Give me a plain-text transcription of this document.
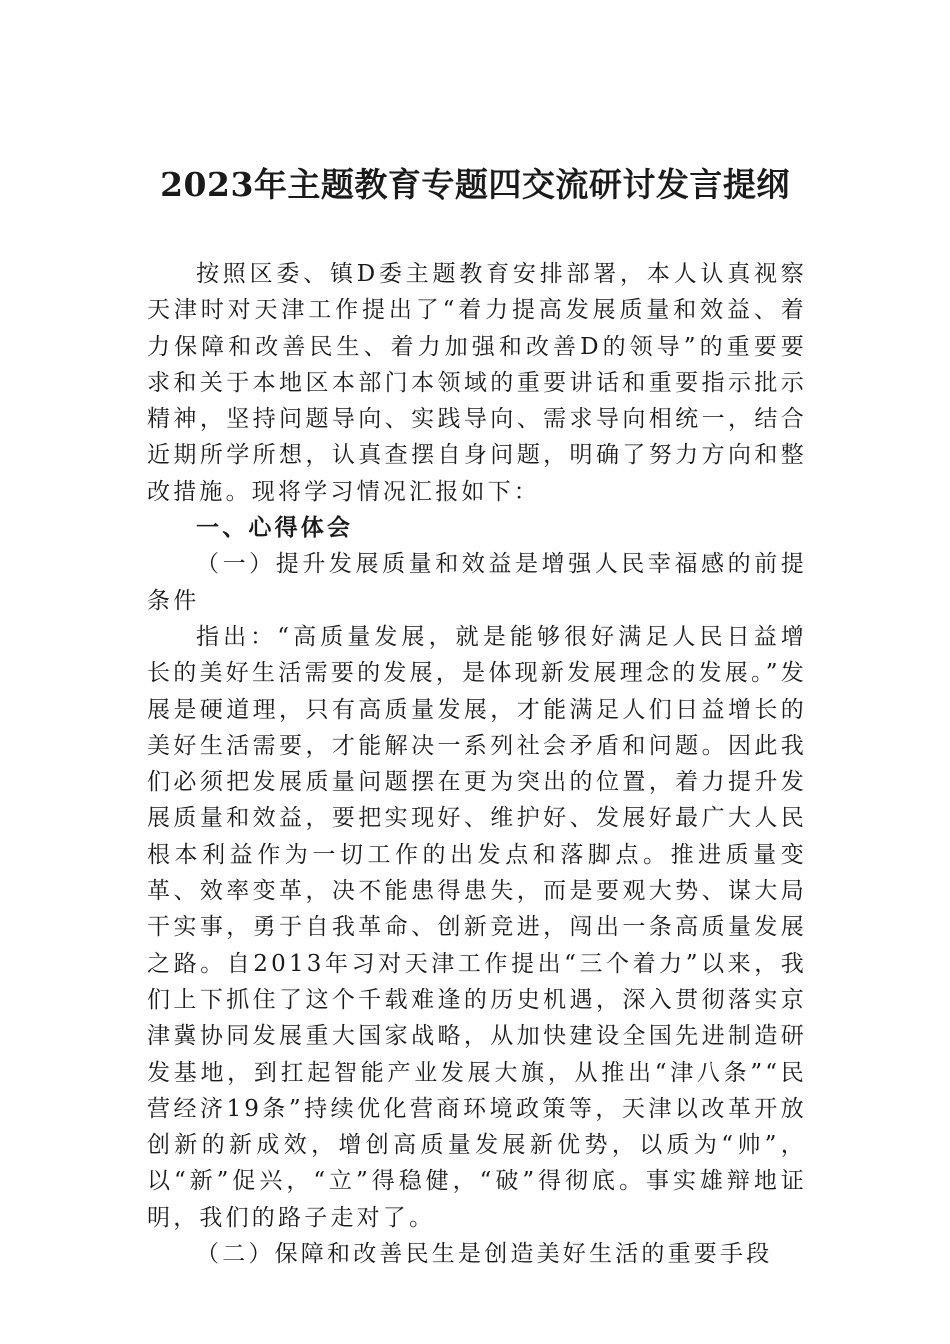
2023年主题教育专题四交流研讨发言提纲

按照区委、镇D委主题教育安排部署，本人认真视察天津时对天津工作提出了“着力提高发展质量和效益、着力保障和改善民生、着力加强和改善D的领导”的重要要求和关于本地区本部门本领域的重要讲话和重要指示批示精神，坚持问题导向、实践导向、需求导向相统一，结合近期所学所想，认真查摆自身问题，明确了努力方向和整改措施。现将学习情况汇报如下：

一、心得体会

（一）提升发展质量和效益是增强人民幸福感的前提条件

指出：“高质量发展，就是能够很好满足人民日益增长的美好生活需要的发展，是体现新发展理念的发展。”发展是硬道理，只有高质量发展，才能满足人们日益增长的美好生活需要，才能解决一系列社会矛盾和问题。因此我们必须把发展质量问题摆在更为突出的位置，着力提升发展质量和效益，要把实现好、维护好、发展好最广大人民根本利益作为一切工作的出发点和落脚点。推进质量变革、效率变革，决不能患得患失，而是要观大势、谋大局干实事，勇于自我革命、创新竞进，闯出一条高质量发展之路。自2013年习对天津工作提出“三个着力”以来，我们上下抓住了这个千载难逢的历史机遇，深入贯彻落实京津冀协同发展重大国家战略，从加快建设全国先进制造研发基地，到扛起智能产业发展大旗，从推出“津八条”“民营经济19条”持续优化营商环境政策等，天津以改革开放创新的新成效，增创高质量发展新优势，以质为“帅”，以“新”促兴，“立”得稳健，“破”得彻底。事实雄辩地证明，我们的路子走对了。

（二）保障和改善民生是创造美好生活的重要手段
